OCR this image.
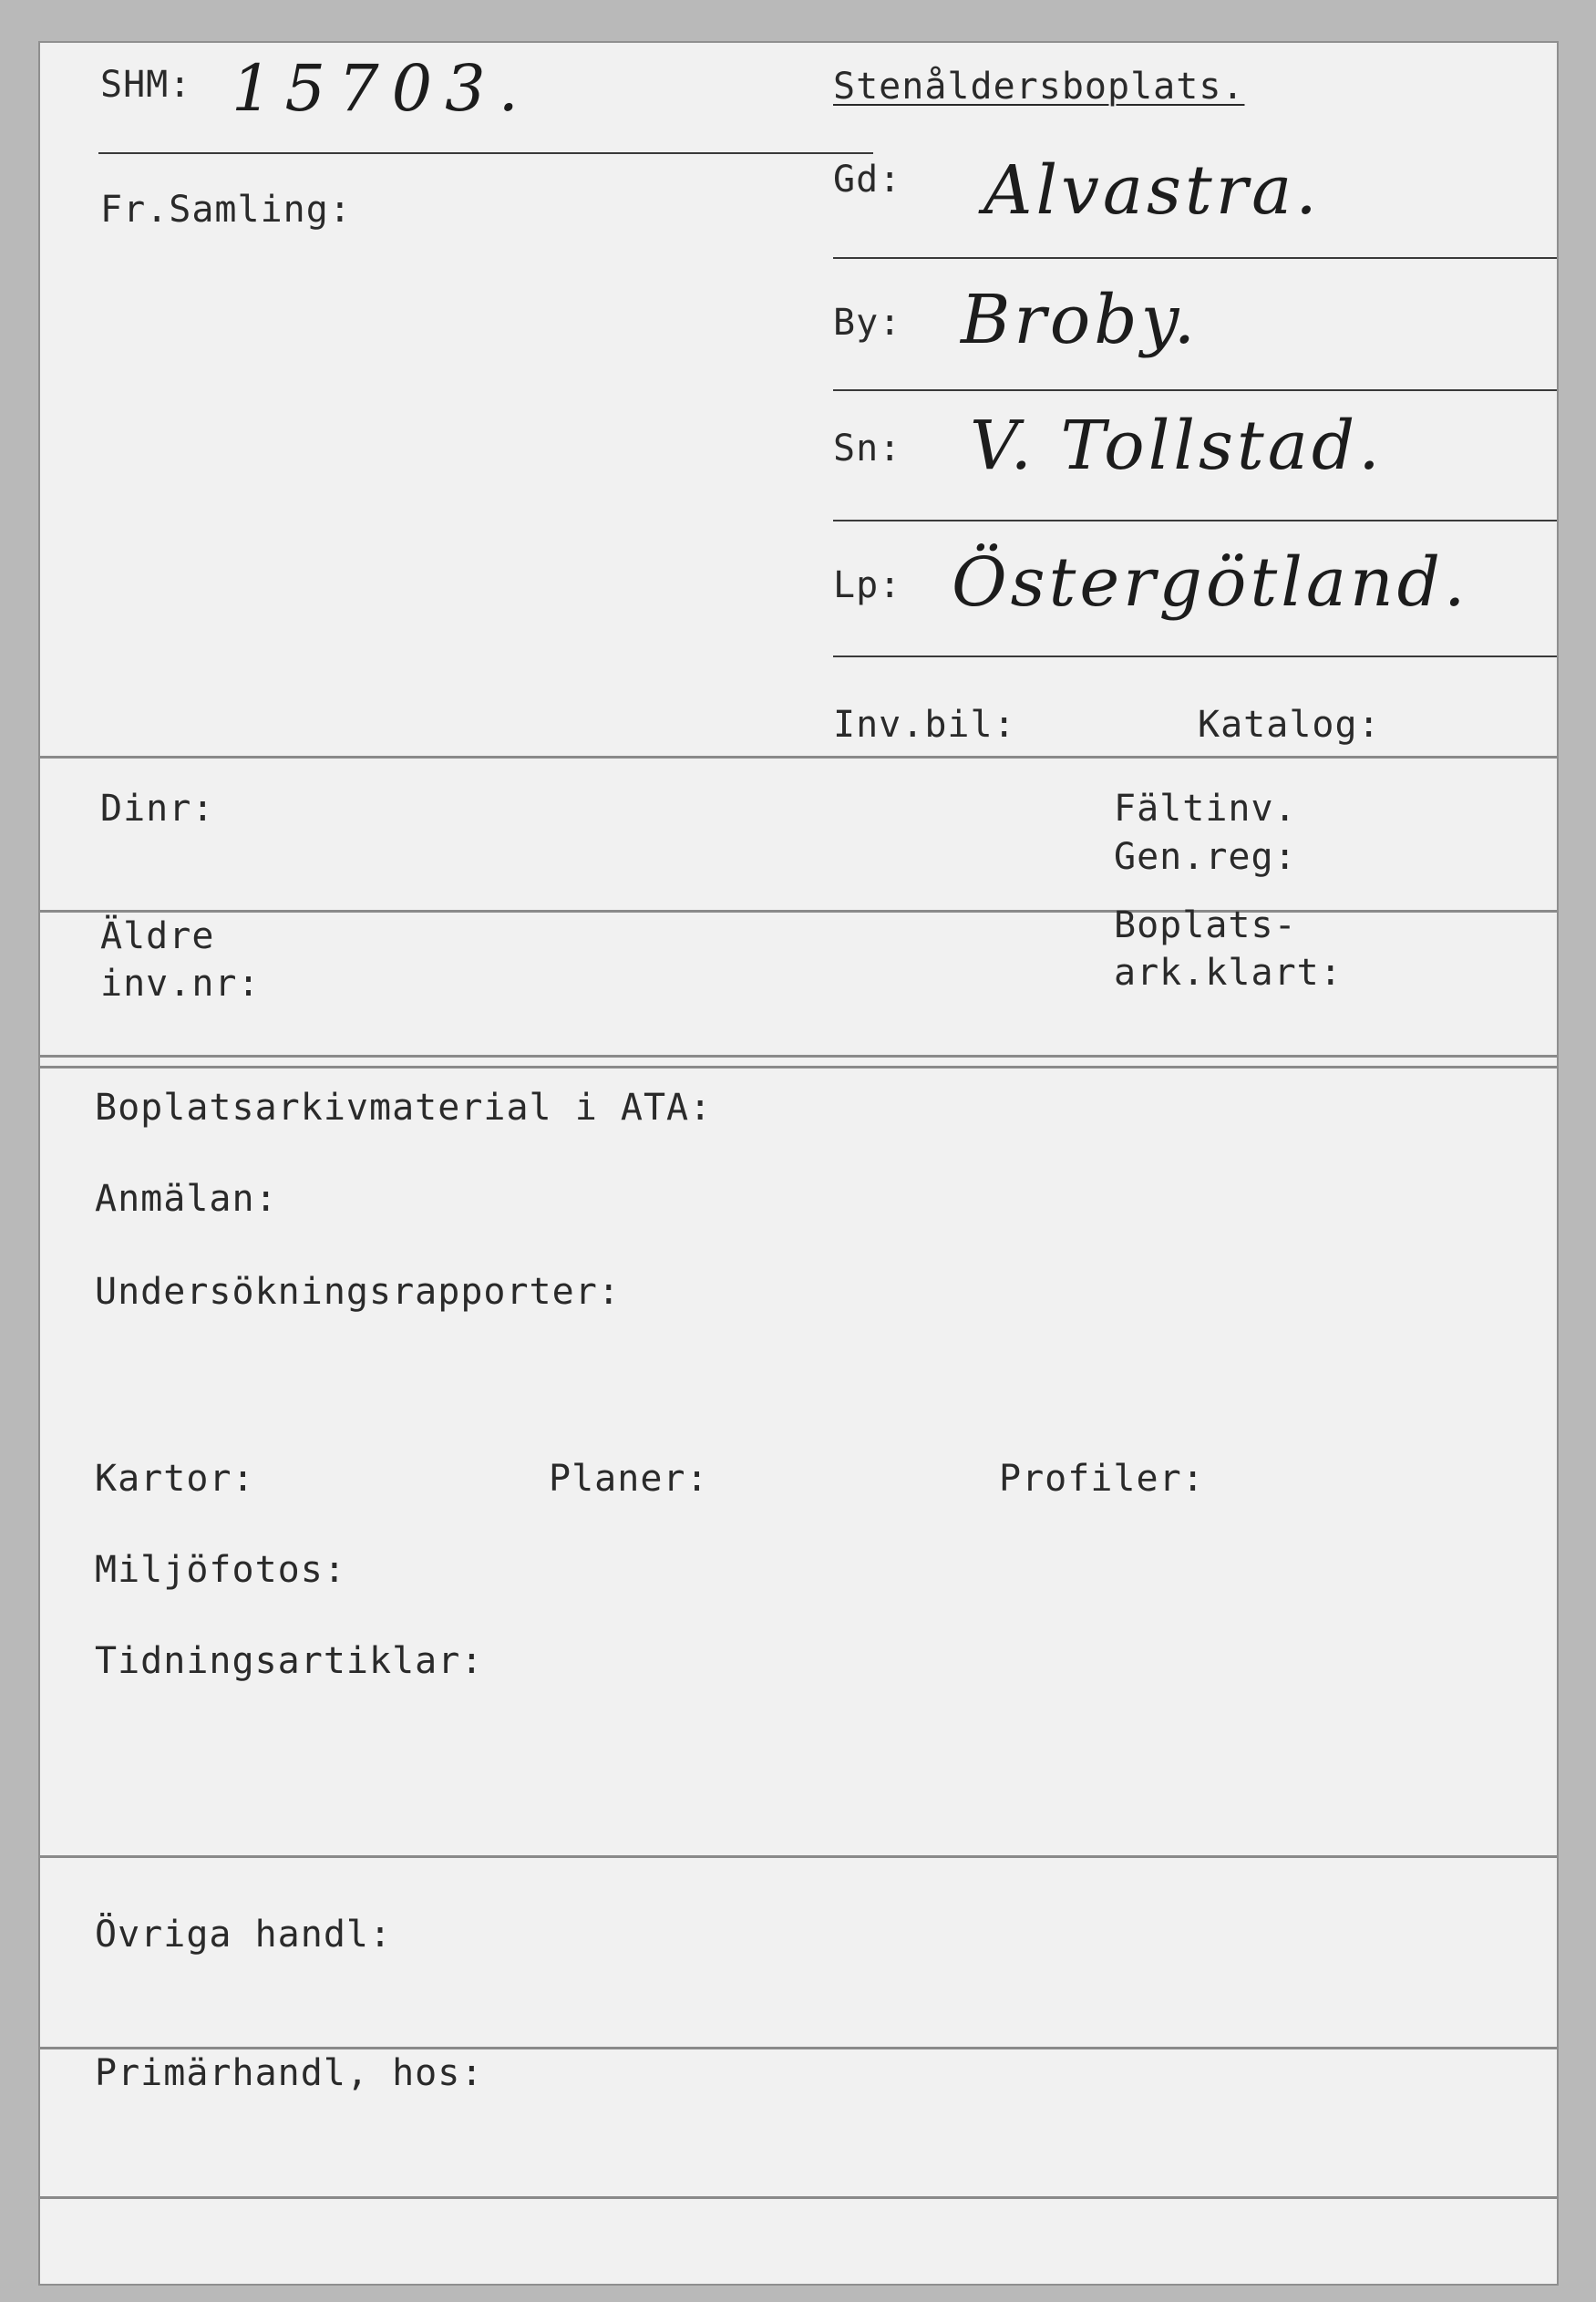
SHM: 15703.
Fr.Samling:
Stenåldersboplats.
Gd: Alvastra.
By: Broby.
Sn: V. Tollstad.
Lp: Östergötland.
Inv.bil:	Katalog:
Dinr:	Fältinv.
Gen.reg:
Äldre
inv.nr:
Boplats-
ark.klart:
Boplatsarkivmaterial i ATA:
Anmälan:
Undersökningsrapporter:
Kartor:	Planer:	Profiler:
Miljöfotos:
Tidningsartiklar:
Övriga handl:
Primärhandl, hos:
